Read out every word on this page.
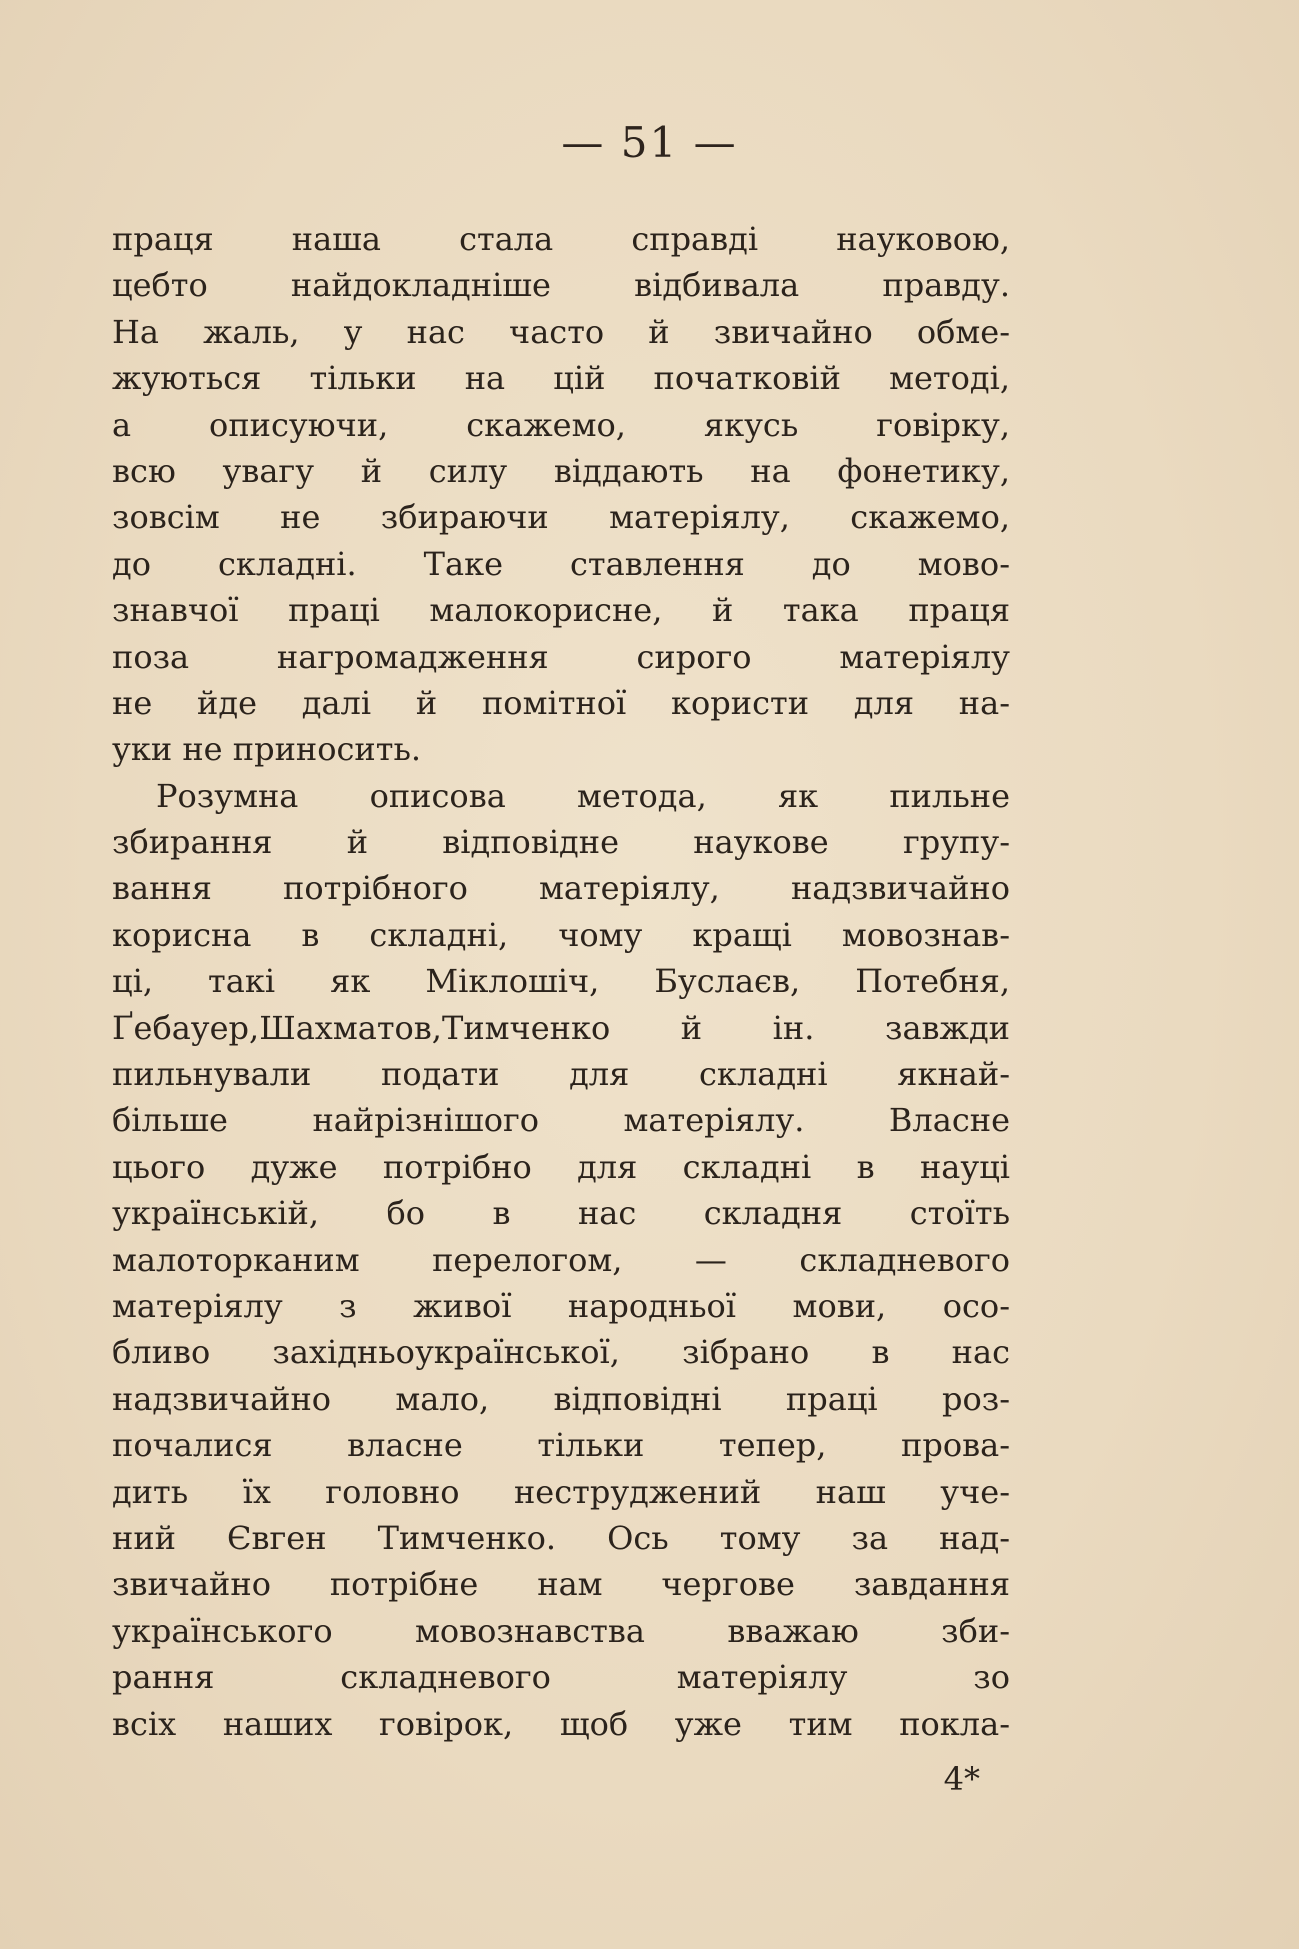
— 51 —
праця наша стала справді науковою,
цебто найдокладніше відбивала правду.
На жаль, у нас часто й звичайно обме-
жуються тільки на цій початковій методі,
а описуючи, скажемо, якусь говірку,
всю увагу й силу віддають на фонетику,
зовсім не збираючи матеріялу, скажемо,
до складні. Таке ставлення до мово-
знавчої праці малокорисне, й така праця
поза нагромадження сирого матеріялу
не йде далі й помітної користи для на-
уки не приносить.
Розумна описова метода, як пильне
збирання й відповідне наукове групу-
вання потрібного матеріялу, надзвичайно
корисна в складні, чому кращі мовознав-
ці, такі як Міклошіч, Буслаєв, Потебня,
Ґебауер,Шахматов,Тимченко й ін. завжди
пильнували подати для складні якнай-
більше найрізнішого матеріялу. Власне
цього дуже потрібно для складні в науці
українській, бо в нас складня стоїть
малоторканим перелогом, — складневого
матеріялу з живої народньої мови, осо-
бливо західньоукраїнської, зібрано в нас
надзвичайно мало, відповідні праці роз-
почалися власне тільки тепер, прова-
дить їх головно неструджений наш уче-
ний Євген Тимченко. Ось тому за над-
звичайно потрібне нам чергове завдання
українського мовознавства вважаю зби-
рання складневого матеріялу зо
всіх наших говірок, щоб уже тим покла-
4*
